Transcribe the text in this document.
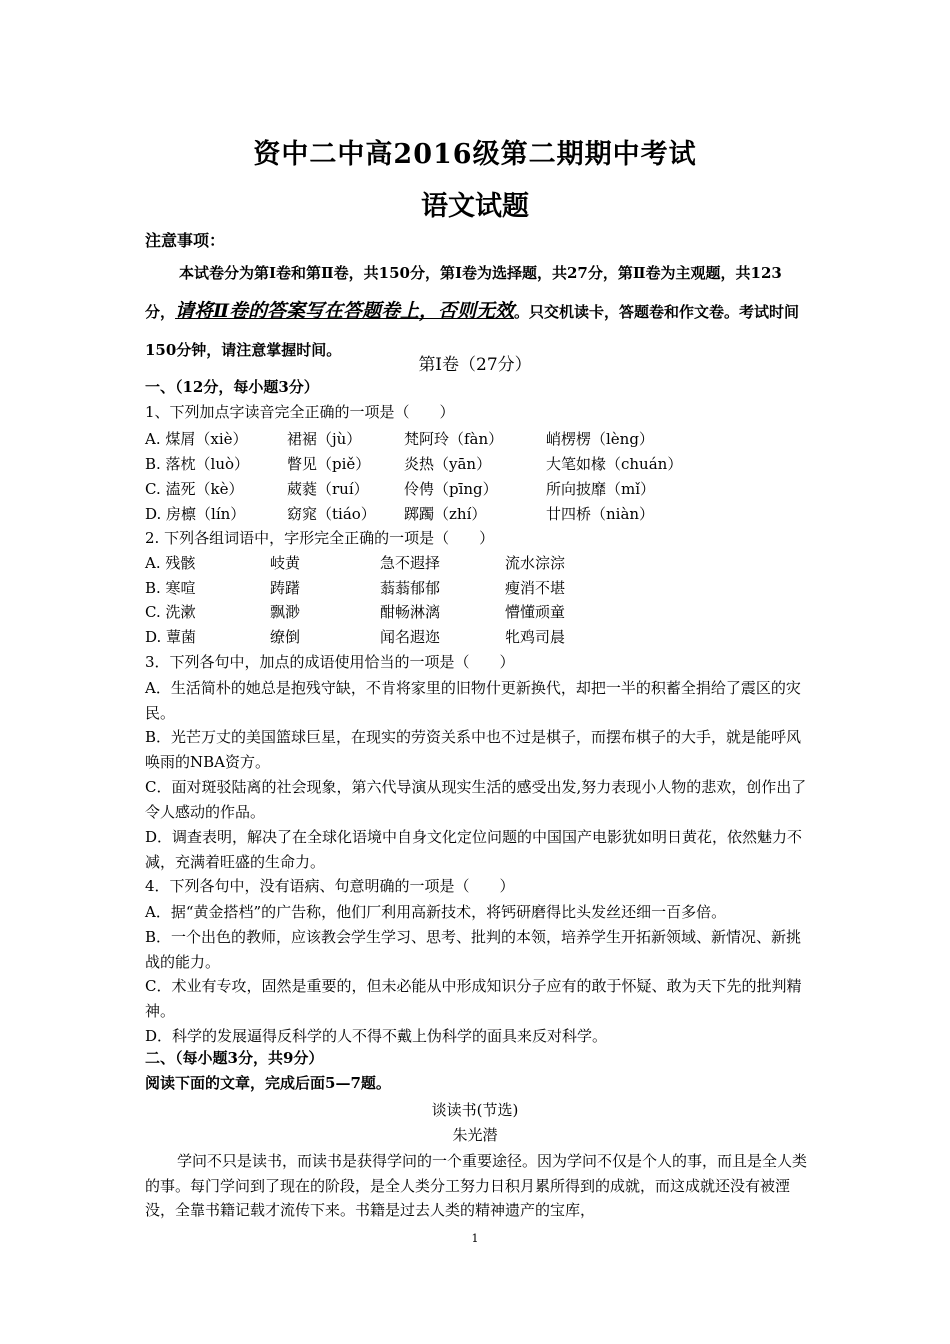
资中二中高2016级第二期期中考试
语文试题
注意事项：
本试卷分为第Ⅰ卷和第Ⅱ卷，共150分，第Ⅰ卷为选择题，共27分，第Ⅱ卷为主观题，共123分，请将Ⅱ卷的答案写在答题卷上，否则无效。只交机读卡，答题卷和作文卷。考试时间150分钟，请注意掌握时间。
第Ⅰ卷（27分）
一、（12分，每小题3分）
1、下列加点字读音完全正确的一项是（　　）
A. 煤屑（xiè）	裙裾（jù）	梵阿玲（fàn）	峭楞楞（lèng）
B. 落枕（luò）	瞥见（piě） 炎热（yān）	大笔如椽（chuán）
C. 溘死（kè）	葳蕤（ruí） 伶俜（pīng）	所向披靡（mǐ）
D. 房檩（lín）	窈窕（tiáo） 踯躅（zhí）	廿四桥（niàn）
2. 下列各组词语中，字形完全正确的一项是（　　）
A. 残骸	岐黄	急不遐择	流水淙淙
B. 寒喧	踌躇	蓊蓊郁郁	瘦消不堪
C. 洗漱	飘渺	酣畅淋漓	懵懂顽童
D. 蕈菌	缭倒	闻名遐迩	牝鸡司晨
3．下列各句中，加点的成语使用恰当的一项是（　　）
A．生活简朴的她总是抱残守缺，不肯将家里的旧物什更新换代，却把一半的积蓄全捐给了震区的灾民。
B．光芒万丈的美国篮球巨星，在现实的劳资关系中也不过是棋子，而摆布棋子的大手，就是能呼风唤雨的NBA资方。
C．面对斑驳陆离的社会现象，第六代导演从现实生活的感受出发,努力表现小人物的悲欢，创作出了令人感动的作品。
D．调查表明，解决了在全球化语境中自身文化定位问题的中国国产电影犹如明日黄花，依然魅力不减，充满着旺盛的生命力。
4．下列各句中，没有语病、句意明确的一项是（　　）
A．据“黄金搭档”的广告称，他们厂利用高新技术，将钙研磨得比头发丝还细一百多倍。
B．一个出色的教师，应该教会学生学习、思考、批判的本领，培养学生开拓新领域、新情况、新挑战的能力。
C．术业有专攻，固然是重要的，但未必能从中形成知识分子应有的敢于怀疑、敢为天下先的批判精神。
D．科学的发展逼得反科学的人不得不戴上伪科学的面具来反对科学。
二、（每小题3分，共9分）
阅读下面的文章，完成后面5—7题。
谈读书(节选)
朱光潜
学问不只是读书，而读书是获得学问的一个重要途径。因为学问不仅是个人的事，而且是全人类的事。每门学问到了现在的阶段，是全人类分工努力日积月累所得到的成就，而这成就还没有被湮没，全靠书籍记载才流传下来。书籍是过去人类的精神遗产的宝库，
1
